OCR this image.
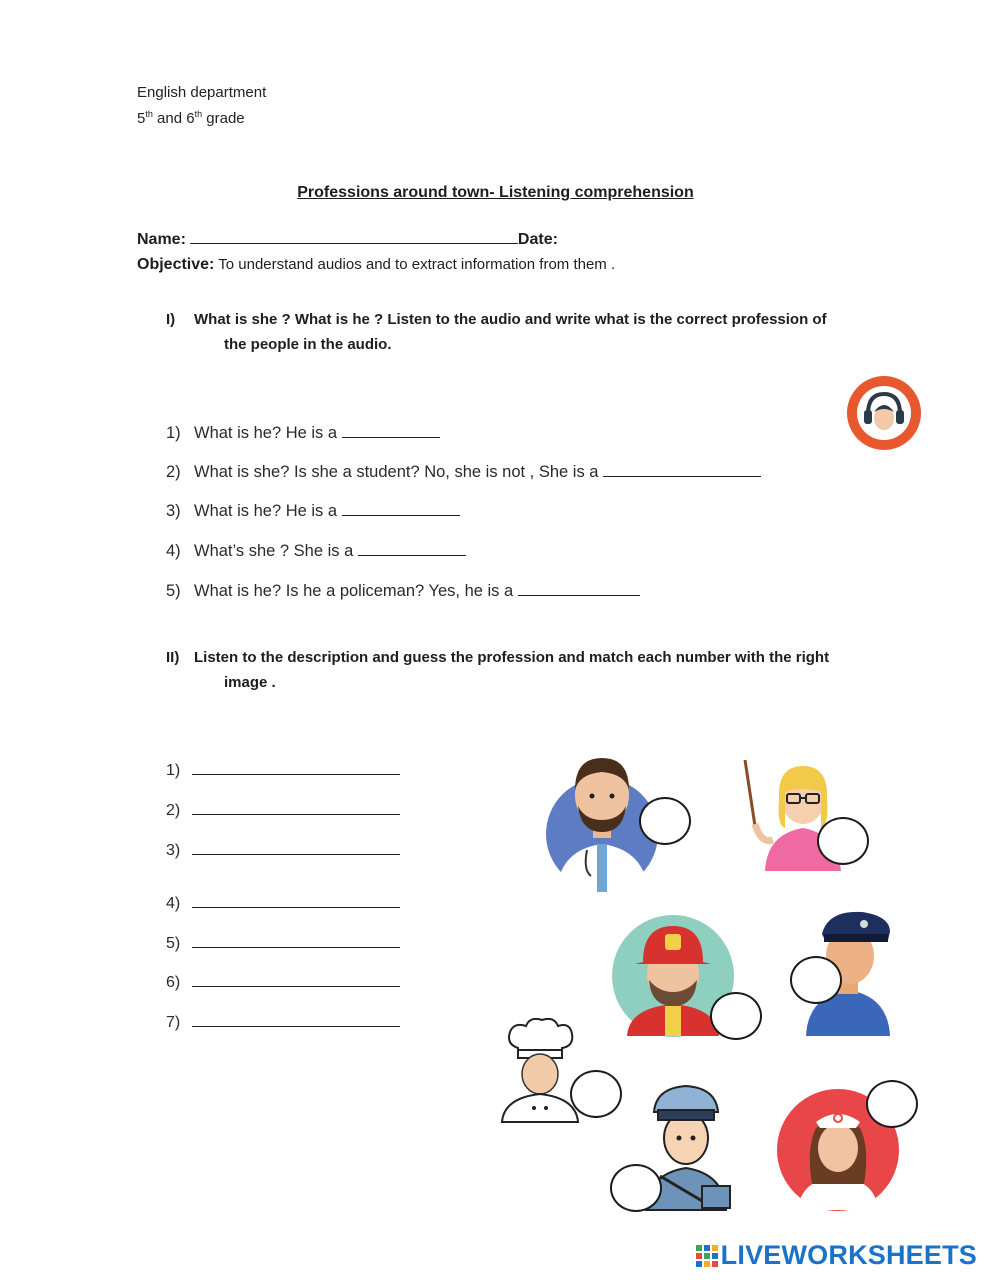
English department
5th and 6th grade
Professions around town- Listening comprehension
Name:	Date:
Objective: To understand audios and to extract information from them .
I) What is she ? What is he ? Listen to the audio and write what is the correct profession of
the people in the audio.
1) What is he? He is a
2) What is she? Is she a student? No, she is not , She is a
3) What is he? He is a
4) What’s she ? She is a
5) What is he? Is he a policeman? Yes, he is a
II) Listen to the description and guess the profession and match each number with the right
image .
1)
2)
3)
4)
5)
6)
7)
LIVEWORKSHEETS
